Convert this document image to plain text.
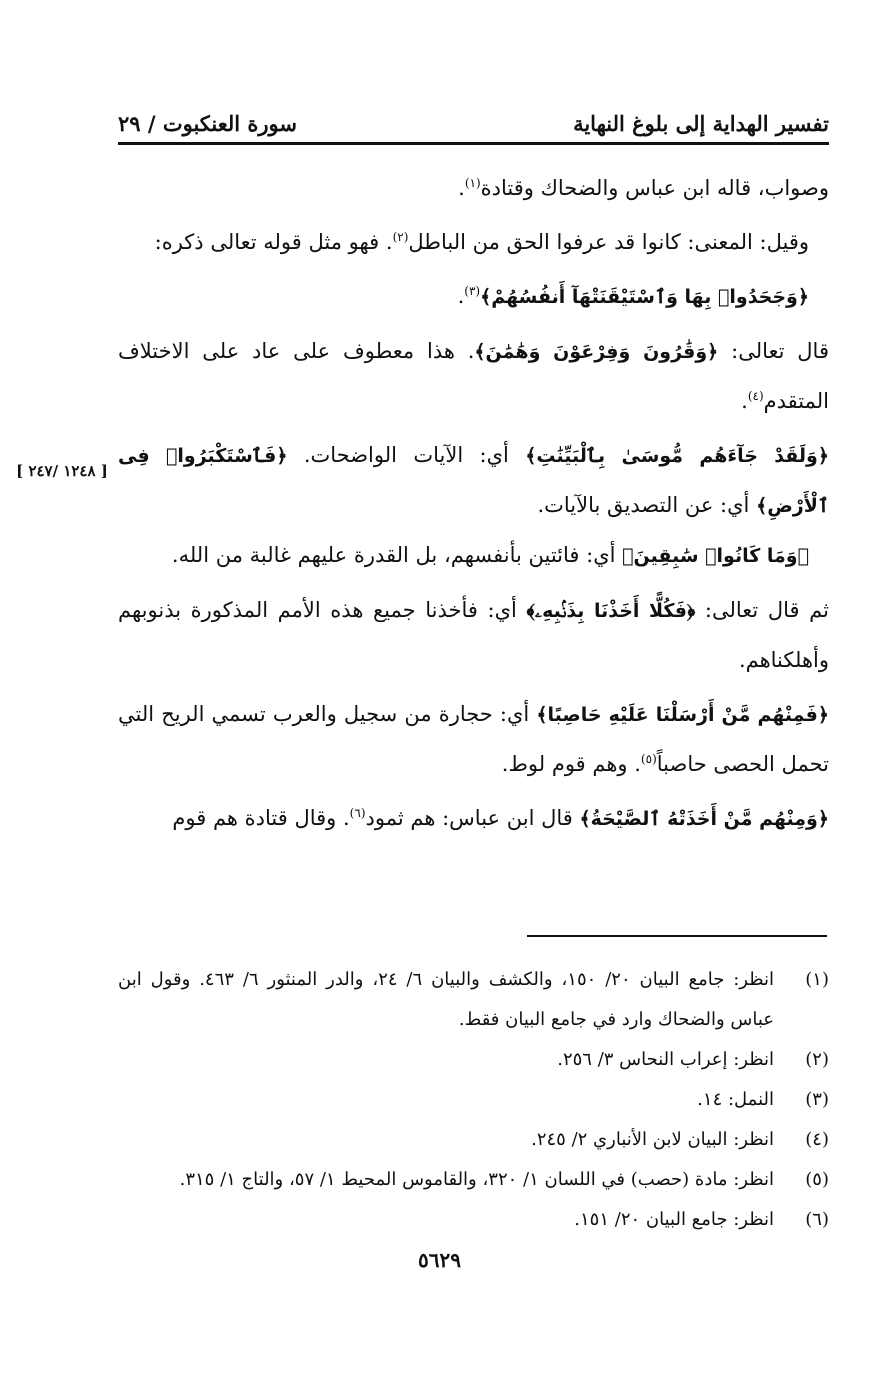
تفسير الهداية إلى بلوغ النهاية
سورة العنكبوت / ٢٩
[ ١٢٤٨ /٢٤٧ ]

وصواب، قاله ابن عباس والضحاك وقتادة$^{(١)}$.

وقيل: المعنى: كانوا قد عرفوا الحق من الباطل$^{(٢)}$. فهو مثل قوله تعالى ذكره:

﴿وَجَحَدُوا۟ بِهَا وَٱسْتَيْقَنَتْهَآ أَنفُسُهُمْ﴾$^{(٣)}$.

قال تعالى: ﴿وَقَٰرُونَ وَفِرْعَوْنَ وَهَٰمَٰنَ﴾. هذا معطوف على عاد على الاختلاف المتقدم$^{(٤)}$.

﴿وَلَقَدْ جَآءَهُم مُّوسَىٰ بِٱلْبَيِّنَٰتِ﴾ أي: الآيات الواضحات. ﴿فَٱسْتَكْبَرُوا۟ فِى ٱلْأَرْضِ﴾ أي: عن التصديق بالآيات.

﴿وَمَا كَانُوا۟ سَٰبِقِينَ﴾ أي: فائتين بأنفسهم، بل القدرة عليهم غالبة من الله.

ثم قال تعالى: ﴿فَكُلًّا أَخَذْنَا بِذَنۢبِهِۦ﴾ أي: فأخذنا جميع هذه الأمم المذكورة بذنوبهم وأهلكناهم.

﴿فَمِنْهُم مَّنْ أَرْسَلْنَا عَلَيْهِ حَاصِبًا﴾ أي: حجارة من سجيل والعرب تسمي الريح التي تحمل الحصى حاصباً$^{(٥)}$. وهم قوم لوط.

﴿وَمِنْهُم مَّنْ أَخَذَتْهُ ٱلصَّيْحَةُ﴾ قال ابن عباس: هم ثمود$^{(٦)}$. وقال قتادة هم قوم

(١)
انظر: جامع البيان ٢٠/ ١٥٠، والكشف والبيان ٦/ ٢٤، والدر المنثور ٦/ ٤٦٣. وقول ابن عباس والضحاك وارد في جامع البيان فقط.
(٢)
انظر: إعراب النحاس ٣/ ٢٥٦.
(٣)
النمل: ١٤.
(٤)
انظر: البيان لابن الأنباري ٢/ ٢٤٥.
(٥)
انظر: مادة (حصب) في اللسان ١/ ٣٢٠، والقاموس المحيط ١/ ٥٧، والتاج ١/ ٣١٥.
(٦)
انظر: جامع البيان ٢٠/ ١٥١.
٥٦٢٩
